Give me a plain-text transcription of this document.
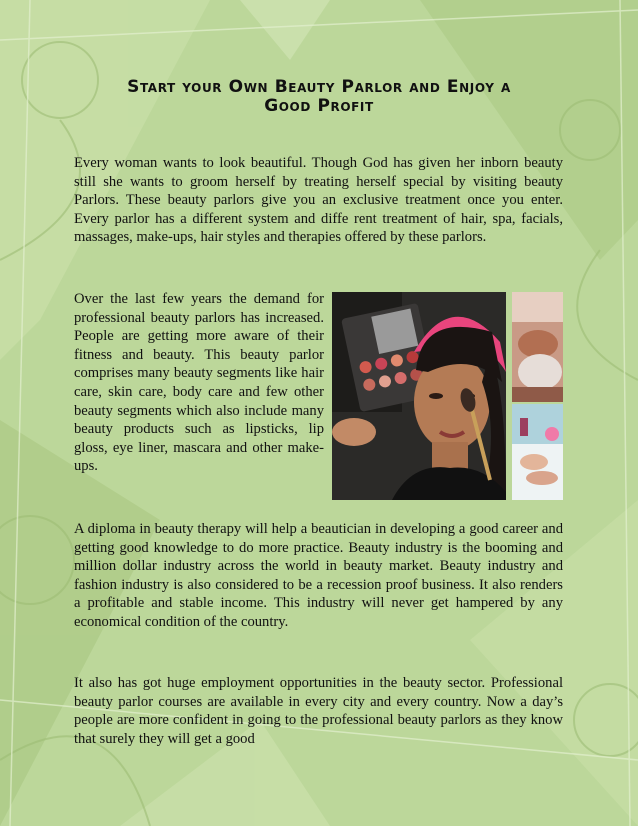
Start your Own Beauty Parlor and Enjoy a
Good Profit

Every woman wants to look beautiful. Though God has given her inborn beauty still she wants to groom herself by treating herself special by visiting beauty Parlors. These beauty parlors give you an exclusive treatment once you enter. Every parlor has a different system and diffe rent treatment of hair, spa, facials, massages, make-ups, hair styles and therapies offered by these parlors.

Over the last few years the demand for professional beauty parlors has increased. People are getting more aware of their fitness and beauty. This beauty parlor comprises many beauty segments like hair care, skin care, body care and few other beauty segments which also include many beauty products such as lipsticks, lip gloss, eye liner, mascara and other make-ups.

A diploma in beauty therapy will help a beautician in developing a good career and getting good knowledge to do more practice. Beauty industry is the booming and million dollar industry across the world in beauty market. Beauty industry and fashion industry is also considered to be a recession proof business. It also renders a profitable and stable income. This industry will never get hampered by any economical condition of the country.

It also has got huge employment opportunities in the beauty sector. Professional beauty parlor courses are available in every city and every country. Now a day’s people are more confident in going to the professional beauty parlors as they know that surely they will get a good
